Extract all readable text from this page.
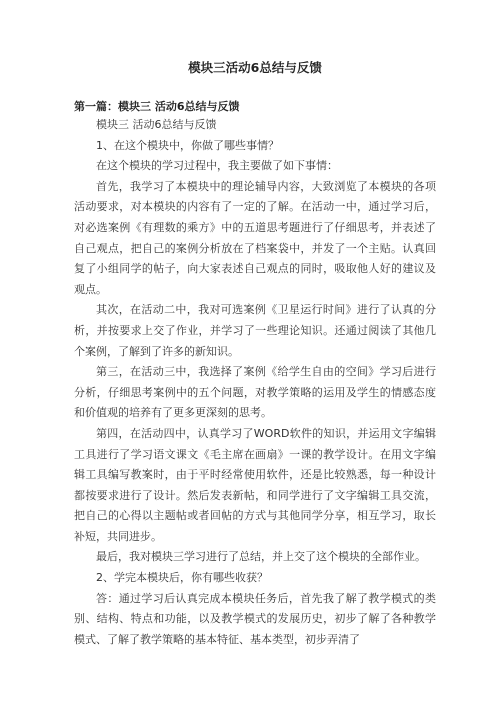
模块三活动6总结与反馈
第一篇：模块三 活动6总结与反馈

模块三 活动6总结与反馈

1、在这个模块中，你做了哪些事情？

在这个模块的学习过程中，我主要做了如下事情：

首先，我学习了本模块中的理论辅导内容，大致浏览了本模块的各项活动要求，对本模块的内容有了一定的了解。在活动一中，通过学习后，对必选案例《有理数的乘方》中的五道思考题进行了仔细思考，并表述了自己观点，把自己的案例分析放在了档案袋中，并发了一个主贴。认真回复了小组同学的帖子，向大家表述自己观点的同时，吸取他人好的建议及观点。

其次，在活动二中，我对可选案例《卫星运行时间》进行了认真的分析，并按要求上交了作业，并学习了一些理论知识。还通过阅读了其他几个案例，了解到了许多的新知识。

第三，在活动三中，我选择了案例《给学生自由的空间》学习后进行分析，仔细思考案例中的五个问题，对教学策略的运用及学生的情感态度和价值观的培养有了更多更深刻的思考。

第四，在活动四中，认真学习了WORD软件的知识，并运用文字编辑工具进行了学习语文课文《毛主席在画扇》一课的教学设计。在用文字编辑工具编写教案时，由于平时经常使用软件，还是比较熟悉，每一种设计都按要求进行了设计。然后发表新帖，和同学进行了文字编辑工具交流，把自己的心得以主题帖或者回帖的方式与其他同学分享，相互学习，取长补短，共同进步。

最后，我对模块三学习进行了总结，并上交了这个模块的全部作业。

2、学完本模块后，你有哪些收获？

答：通过学习后认真完成本模块任务后，首先我了解了教学模式的类别、结构、特点和功能，以及教学模式的发展历史，初步了解了各种教学模式、了解了教学策略的基本特征、基本类型，初步弄清了
